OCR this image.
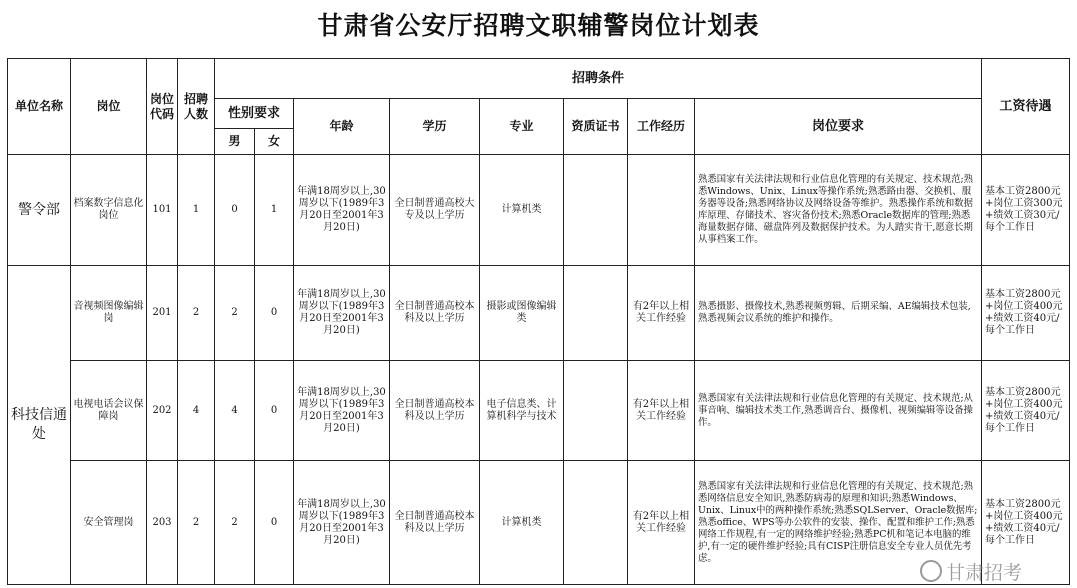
甘肃省公安厅招聘文职辅警岗位计划表
单位名称	岗位	岗位代码	招聘人数	招聘条件								工资待遇
				性别要求		年龄	学历	专业	资质证书	工作经历	岗位要求	
				男	女							
警令部	档案数字信息化岗位	101	1	0	1	年满18周岁以上,30周岁以下(1989年3月20日至2001年3月20日)	全日制普通高校大专及以上学历	计算机类			熟悉国家有关法律法规和行业信息化管理的有关规定、技术规范;熟悉Windows、Unix、Linux等操作系统;熟悉路由器、交换机、服务器等设备;熟悉网络协议及网络设备等维护。熟悉操作系统和数据库原理、存储技术、容灾备份技术;熟悉Oracle数据库的管理;熟悉海量数据存储、磁盘阵列及数据保护技术。为人踏实肯干,愿意长期从事档案工作。	基本工资2800元+岗位工资300元+绩效工资30元/每个工作日
科技信通处	音视频图像编辑岗	201	2	2	0	年满18周岁以上,30周岁以下(1989年3月20日至2001年3月20日)	全日制普通高校本科及以上学历	摄影或图像编辑类		有2年以上相关工作经验	熟悉摄影、摄像技术,熟悉视频剪辑、后期采编、AE编辑技术包装,熟悉视频会议系统的维护和操作。	基本工资2800元+岗位工资400元+绩效工资40元/每个工作日
	电视电话会议保障岗	202	4	4	0	年满18周岁以上,30周岁以下(1989年3月20日至2001年3月20日)	全日制普通高校本科及以上学历	电子信息类、计算机科学与技术		有2年以上相关工作经验	熟悉国家有关法律法规和行业信息化管理的有关规定、技术规范;从事音响、编辑技术类工作,熟悉调音台、摄像机、视频编辑等设备操作。	基本工资2800元+岗位工资400元+绩效工资40元/每个工作日
	安全管理岗	203	2	2	0	年满18周岁以上,30周岁以下(1989年3月20日至2001年3月20日)	全日制普通高校本科及以上学历	计算机类		有2年以上相关工作经验	熟悉国家有关法律法规和行业信息化管理的有关规定、技术规范;熟悉网络信息安全知识,熟悉防病毒的原理和知识;熟悉Windows、Unix、Linux中的两种操作系统;熟悉SQLServer、Oracle数据库;熟悉office、WPS等办公软件的安装、操作、配置和维护工作;熟悉网络工作规程,有一定的网络维护经验;熟悉PC机和笔记本电脑的维护,有一定的硬件维护经验;具有CISP注册信息安全专业人员优先考虑。	基本工资2800元+岗位工资400元+绩效工资40元/每个工作日
甘肃招考
